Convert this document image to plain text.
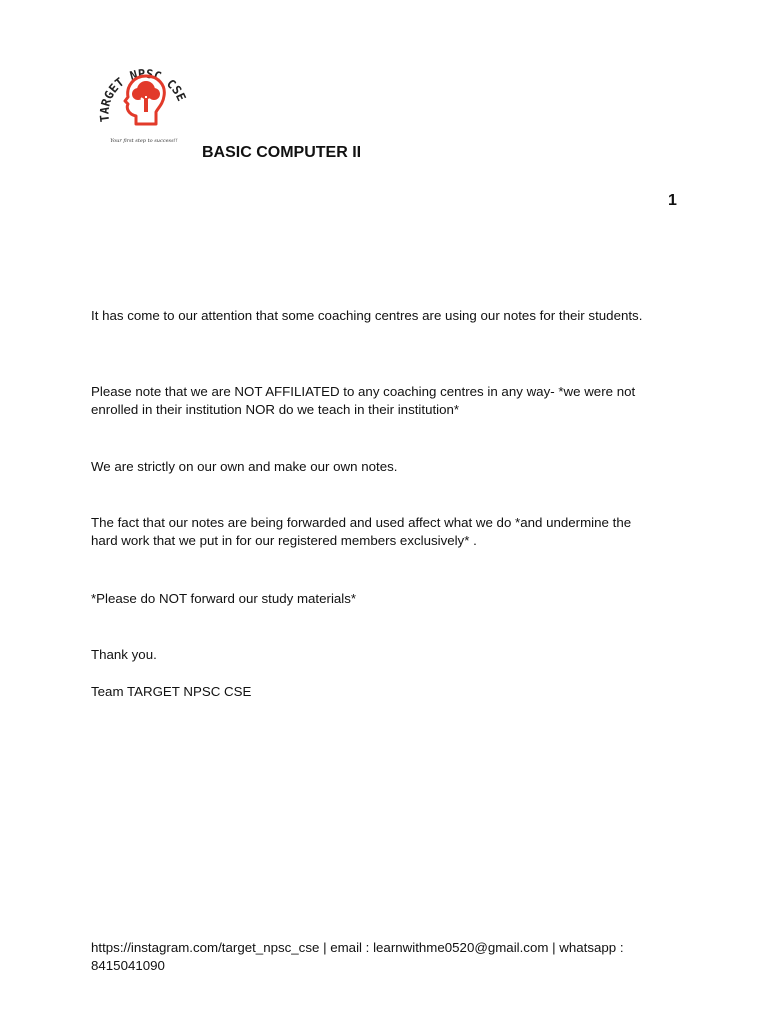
TARGET NPSC CSE
Your first step to success!!
BASIC COMPUTER II
1

It has come to our attention that some coaching centres are using our notes for their students.

Please note that we are NOT AFFILIATED to any coaching centres in any way- *we were not
enrolled in their institution NOR do we teach in their institution*

We are strictly on our own and make our own notes.

The fact that our notes are being forwarded and used affect what we do *and undermine the
hard work that we put in for our registered members exclusively* .

*Please do NOT forward our study materials*

Thank you.

Team TARGET NPSC CSE

https://instagram.com/target_npsc_cse | email : learnwithme0520@gmail.com | whatsapp :
8415041090
